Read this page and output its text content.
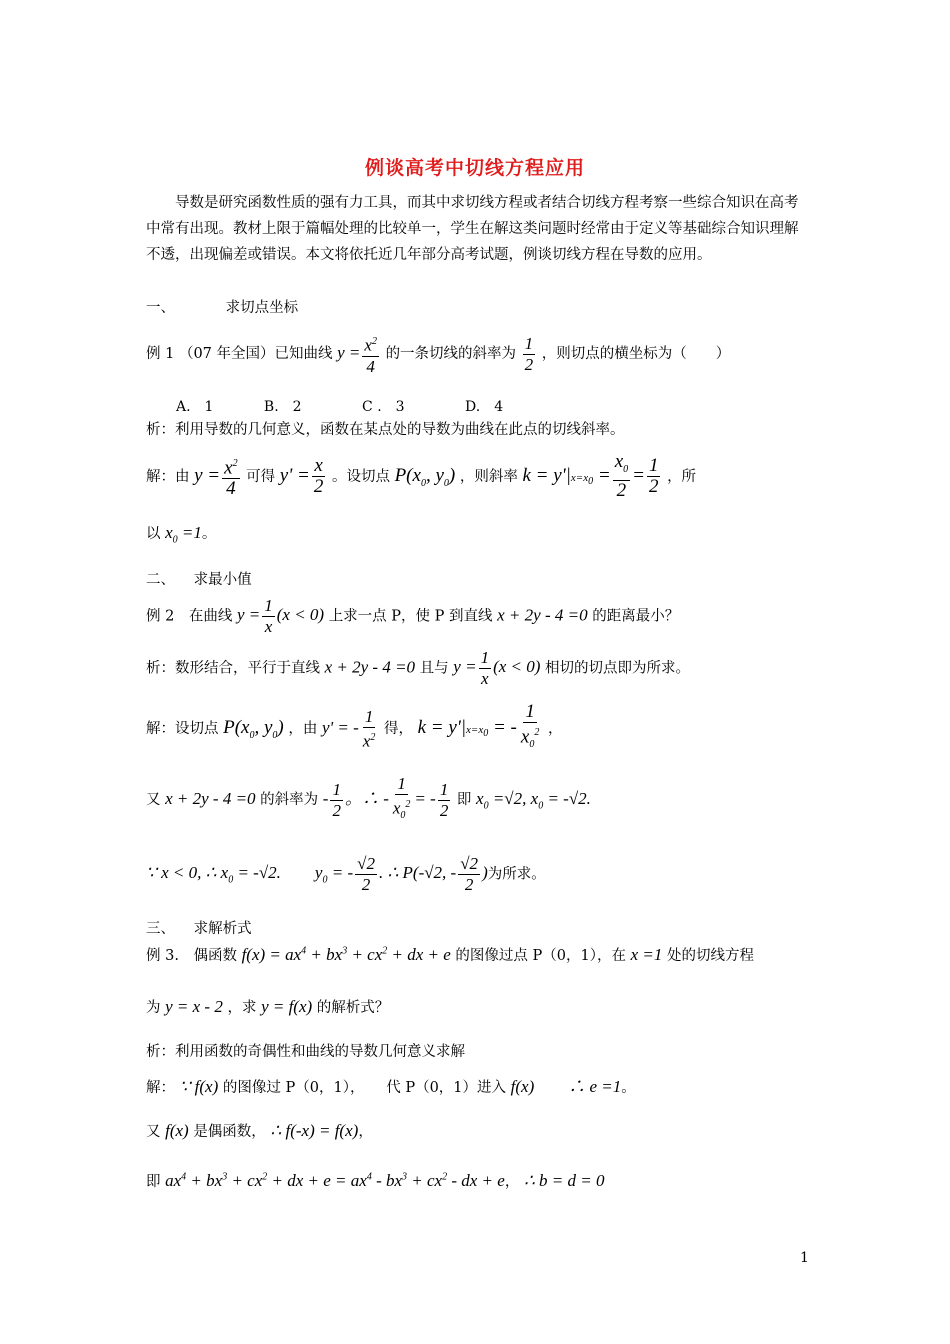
例谈高考中切线方程应用
导数是研究函数性质的强有力工具，而其中求切线方程或者结合切线方程考察一些综合知识在高考中常有出现。教材上限于篇幅处理的比较单一，学生在解这类问题时经常由于定义等基础综合知识理解不透，出现偏差或错误。本文将依托近几年部分高考试题，例谈切线方程在导数的应用。
一、	求切点坐标
例 1 （07 年全国）已知曲线 $y = \frac{x^2}{4}$ 的一条切线的斜率为 $\frac{1}{2}$ ，则切点的横坐标为（　　）
A.　1	B.　2	C .　3	D.　4
析：利用导数的几何意义，函数在某点处的导数为曲线在此点的切线斜率。
解：由 $y = \frac{x^2}{4}$ 可得 $y' = \frac{x}{2}$ 。设切点 $P(x_0$, $y_0$) ，则斜率 $k = y'|x=x_0 = \frac{x_0}{2} = \frac{1}{2}$ ，所
以 $x_0 =1$。
二、 求最小值
例 2　在曲线 $y = \frac{1}{x} (x < 0)$ 上求一点 P，使 P 到直线 x + 2y - 4 =0 的距离最小？
析：数形结合，平行于直线 x + 2y - 4 =0 且与 $y = \frac{1}{x} (x < 0)$ 相切的切点即为所求。
解：设切点 $P(x_0$, $y_0$) ，由 y' = - $\frac{1}{x^2}$ 得， $k = y'|x=x_0$ = - $\frac{1}{x_0^2}$ ，
又 x + 2y - 4 =0 的斜率为 - $\frac{1}{2}$ 。∴ - $\frac{1}{x_0^2}$ = - $\frac{1}{2}$ 即 $x_0 =√2$, $x_0 = -√2$.
∵ x < 0, ∴ $x_0 = -√2$.　　$y_0$ = - $\frac{√2}{2}$ . ∴ P(-√2, - $\frac{√2}{2}$ )为所求。
三、 求解析式
例 3.　偶函数 $f(x) = ax^4 + bx^3 + cx^2$ + dx + e 的图像过点 P（0，1），在 x =1 处的切线方程
为 y = x - 2 ，求 y = f(x) 的解析式？
析：利用函数的奇偶性和曲线的导数几何意义求解
解： ∵ f(x) 的图像过 P（0，1），　　代 P（0，1）进入 f(x)　　∴ e =1。
又 f(x) 是偶函数， ∴ f(-x) = f(x)，
即 $ax^4 + bx^3 + cx^2$ + dx + $e = ax^4 - bx^3 + cx^2$ - dx + e， ∴ b = d = 0
1
